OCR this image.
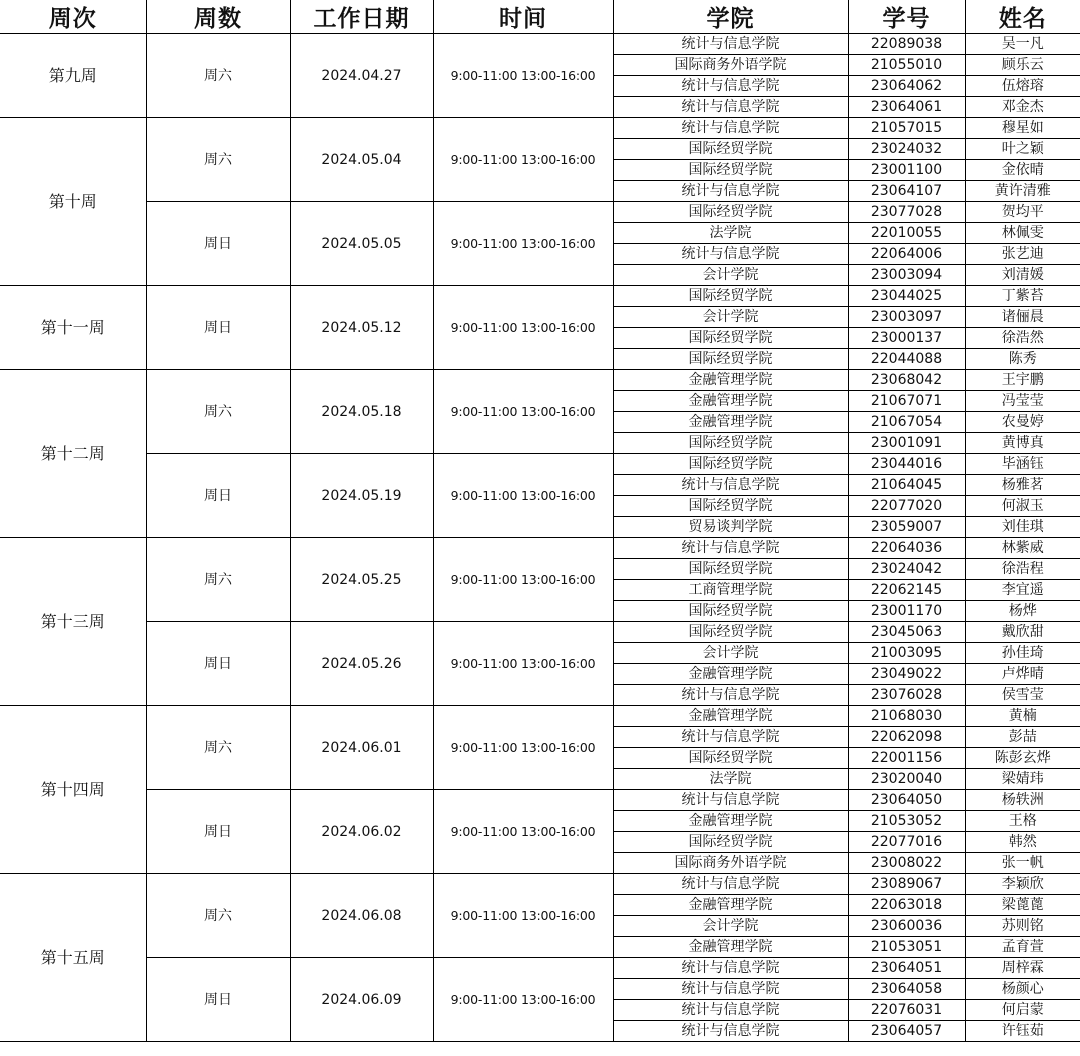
周次	周数	工作日期	时间	学院	学号	姓名
第九周	周六	2024.04.27	9:00-11:00 13:00-16:00	统计与信息学院	22089038	吴一凡
				国际商务外语学院	21055010	顾乐云
				统计与信息学院	23064062	伍熔瑢
				统计与信息学院	23064061	邓金杰
第十周	周六	2024.05.04	9:00-11:00 13:00-16:00	统计与信息学院	21057015	穆星如
				国际经贸学院	23024032	叶之颖
				国际经贸学院	23001100	金依晴
				统计与信息学院	23064107	黄许清雅
	周日	2024.05.05	9:00-11:00 13:00-16:00	国际经贸学院	23077028	贺均平
				法学院	22010055	林佩雯
				统计与信息学院	22064006	张艺迪
				会计学院	23003094	刘清媛
第十一周	周日	2024.05.12	9:00-11:00 13:00-16:00	国际经贸学院	23044025	丁紫苔
				会计学院	23003097	诸俪晨
				国际经贸学院	23000137	徐浩然
				国际经贸学院	22044088	陈秀
第十二周	周六	2024.05.18	9:00-11:00 13:00-16:00	金融管理学院	23068042	王宇鹏
				金融管理学院	21067071	冯莹莹
				金融管理学院	21067054	农曼婷
				国际经贸学院	23001091	黄博真
	周日	2024.05.19	9:00-11:00 13:00-16:00	国际经贸学院	23044016	毕涵钰
				统计与信息学院	21064045	杨雅茗
				国际经贸学院	22077020	何淑玉
				贸易谈判学院	23059007	刘佳琪
第十三周	周六	2024.05.25	9:00-11:00 13:00-16:00	统计与信息学院	22064036	林紫威
				国际经贸学院	23024042	徐浩程
				工商管理学院	22062145	李宜遥
				国际经贸学院	23001170	杨烨
	周日	2024.05.26	9:00-11:00 13:00-16:00	国际经贸学院	23045063	戴欣甜
				会计学院	21003095	孙佳琦
				金融管理学院	23049022	卢烨晴
				统计与信息学院	23076028	侯雪莹
第十四周	周六	2024.06.01	9:00-11:00 13:00-16:00	金融管理学院	21068030	黄楠
				统计与信息学院	22062098	彭喆
				国际经贸学院	22001156	陈彭玄烨
				法学院	23020040	梁婧玮
	周日	2024.06.02	9:00-11:00 13:00-16:00	统计与信息学院	23064050	杨轶洲
				金融管理学院	21053052	王格
				国际经贸学院	22077016	韩然
				国际商务外语学院	23008022	张一帆
第十五周	周六	2024.06.08	9:00-11:00 13:00-16:00	统计与信息学院	23089067	李颖欣
				金融管理学院	22063018	梁蓖蓖
				会计学院	23060036	苏则铭
				金融管理学院	21053051	孟育萱
	周日	2024.06.09	9:00-11:00 13:00-16:00	统计与信息学院	23064051	周梓霖
				统计与信息学院	23064058	杨颜心
				统计与信息学院	22076031	何启蒙
				统计与信息学院	23064057	许钰茹
